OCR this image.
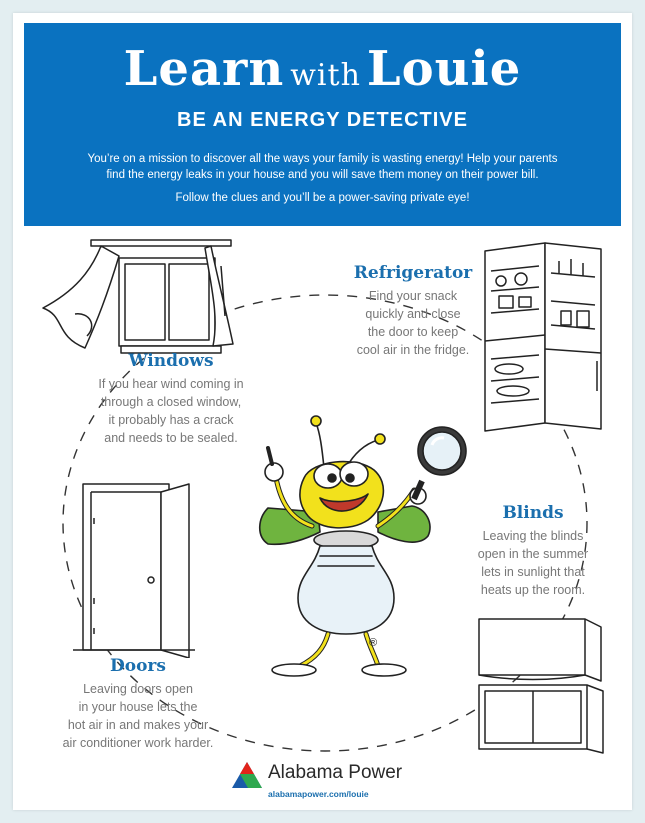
Learn with Louie
BE AN ENERGY DETECTIVE
You’re on a mission to discover all the ways your family is wasting energy! Help your parents find the energy leaks in your house and you will save them money on their power bill.
Follow the clues and you’ll be a power-saving private eye!
®
Refrigerator
Find your snack
quickly and close
the door to keep
cool air in the fridge.
Windows
If you hear wind coming in
through a closed window,
it probably has a crack
and needs to be sealed.
Blinds
Leaving the blinds
open in the summer
lets in sunlight that
heats up the room.
Doors
Leaving doors open
in your house lets the
hot air in and makes your
air conditioner work harder.
Alabama Power
alabamapower.com/louie
